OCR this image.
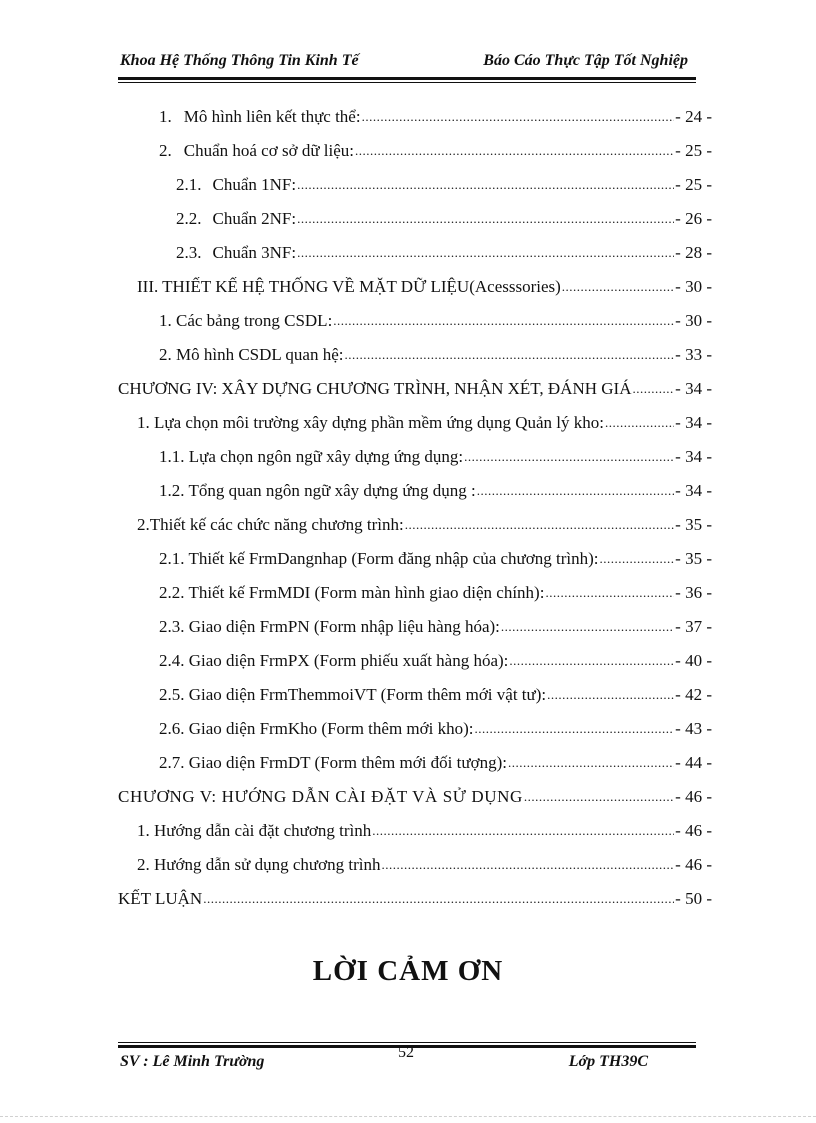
Khoa Hệ Thống Thông Tin Kinh Tế	Báo Cáo Thực Tập Tốt Nghiệp
1. Mô hình liên kết thực thể: .....	- 24 -
2. Chuẩn hoá cơ sở dữ liệu: .....	- 25 -
2.1. Chuẩn 1NF: .....	- 25 -
2.2. Chuẩn 2NF: .....	- 26 -
2.3. Chuẩn 3NF: .....	- 28 -
III. THIẾT KẾ HỆ THỐNG VỀ MẶT DỮ LIỆU(Acesssories) .....	- 30 -
1. Các bảng trong CSDL: .....	- 30 -
2. Mô hình CSDL quan hệ: .....	- 33 -
CHƯƠNG IV: XÂY DỰNG CHƯƠNG TRÌNH, NHẬN XÉT, ĐÁNH GIÁ .....	- 34 -
1. Lựa chọn môi trường xây dựng phần mềm ứng dụng Quản lý kho: .....	- 34 -
1.1. Lựa chọn ngôn ngữ xây dựng ứng dụng: .....	- 34 -
1.2. Tổng quan ngôn ngữ xây dựng ứng dụng : .....	- 34 -
2.Thiết kế các chức năng chương trình: .....	- 35 -
2.1. Thiết kế FrmDangnhap (Form đăng nhập của chương trình): .....	- 35 -
2.2. Thiết kế FrmMDI (Form màn hình giao diện chính): .....	- 36 -
2.3. Giao diện FrmPN (Form nhập liệu hàng hóa): .....	- 37 -
2.4. Giao diện FrmPX (Form phiếu xuất hàng hóa): .....	- 40 -
2.5. Giao diện FrmThemmoiVT (Form thêm mới vật tư): .....	- 42 -
2.6. Giao diện FrmKho (Form thêm mới kho): .....	- 43 -
2.7. Giao diện FrmDT (Form thêm mới đối tượng): .....	- 44 -
CHƯƠNG V: HƯỚNG DẪN CÀI ĐẶT VÀ SỬ DỤNG .....	- 46 -
1. Hướng dẫn cài đặt chương trình .....	- 46 -
2. Hướng dẫn sử dụng chương trình .....	- 46 -
KẾT LUẬN .....	- 50 -
LỜI CẢM ƠN
SV : Lê Minh Trường
52
Lớp TH39C
